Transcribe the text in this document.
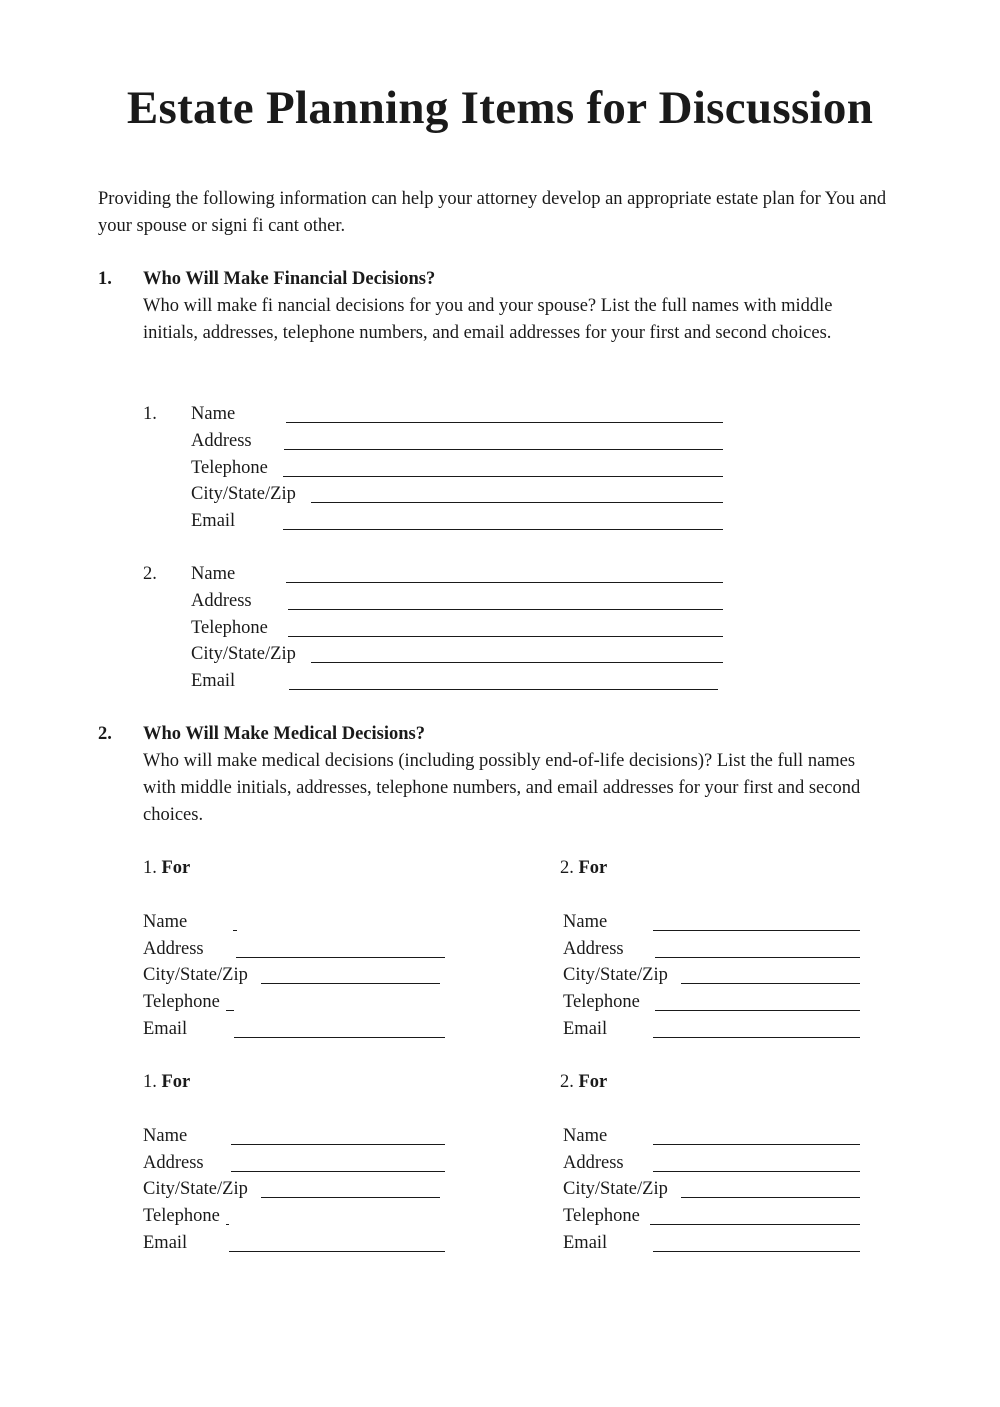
Estate Planning Items for Discussion
Providing the following information can help your attorney develop an appropriate estate plan for You and your spouse or signi fi cant other.
1. Who Will Make Financial Decisions?
Who will make fi nancial decisions for you and your spouse? List the full names with middle initials, addresses, telephone numbers, and email addresses for your first and second choices.
1. Name
Address
Telephone
City/State/Zip
Email
2. Name
Address
Telephone
City/State/Zip
Email
2. Who Will Make Medical Decisions?
Who will make medical decisions (including possibly end-of-life decisions)? List the full names with middle initials, addresses, telephone numbers, and email addresses for your first and second choices.
1. For
Name
Address
City/State/Zip
Telephone
Email
2. For
Name
Address
City/State/Zip
Telephone
Email
1. For
Name
Address
City/State/Zip
Telephone
Email
2. For
Name
Address
City/State/Zip
Telephone
Email
